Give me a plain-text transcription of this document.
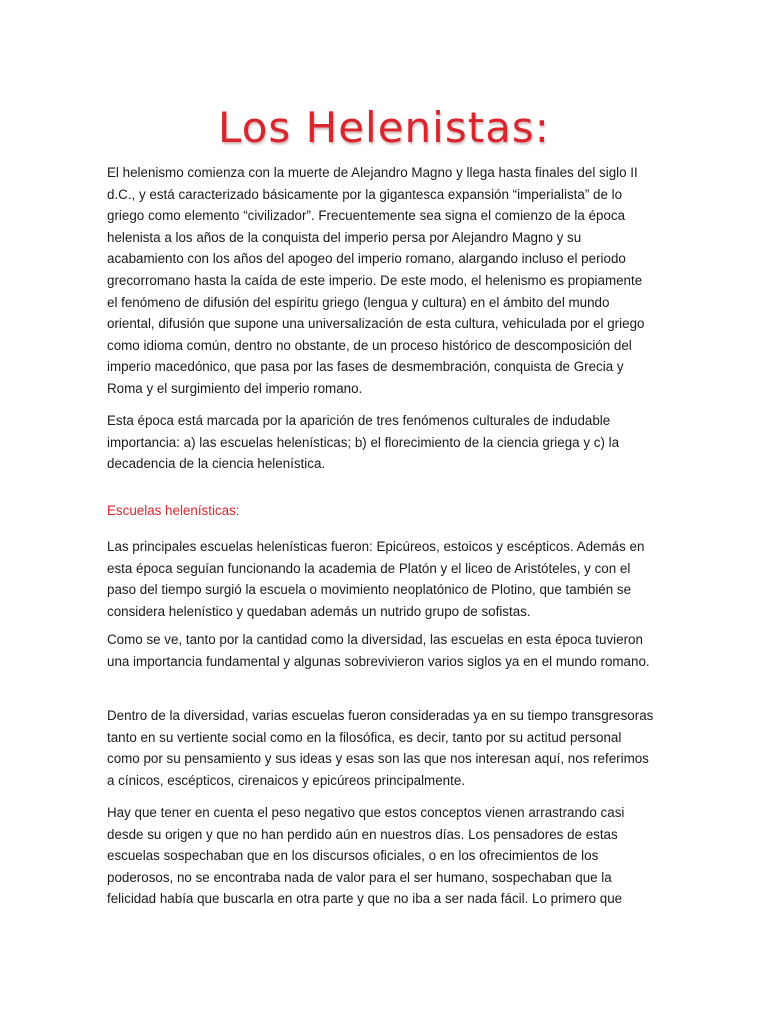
Los Helenistas:

El helenismo comienza con la muerte de Alejandro Magno y llega hasta finales del siglo II d.C., y está caracterizado básicamente por la gigantesca expansión “imperialista” de lo griego como elemento “civilizador”. Frecuentemente sea signa el comienzo de la época helenista a los años de la conquista del imperio persa por Alejandro Magno y su acabamiento con los años del apogeo del imperio romano, alargando incluso el periodo grecorromano hasta la caída de este imperio. De este modo, el helenismo es propiamente el fenómeno de difusión del espíritu griego (lengua y cultura) en el ámbito del mundo oriental, difusión que supone una universalización de esta cultura, vehiculada por el griego como idioma común, dentro no obstante, de un proceso histórico de descomposición del imperio macedónico, que pasa por las fases de desmembración, conquista de Grecia y Roma y el surgimiento del imperio romano.

Esta época está marcada por la aparición de tres fenómenos culturales de indudable importancia: a) las escuelas helenísticas; b) el florecimiento de la ciencia griega y c) la decadencia de la ciencia helenística.

Escuelas helenísticas:

Las principales escuelas helenísticas fueron: Epicúreos, estoicos y escépticos. Además en esta época seguían funcionando la academia de Platón y el liceo de Aristóteles, y con el paso del tiempo surgió la escuela o movimiento neoplatónico de Plotino, que también se considera helenístico y quedaban además un nutrido grupo de sofistas.

Como se ve, tanto por la cantidad como la diversidad, las escuelas en esta época tuvieron una importancia fundamental y algunas sobrevivieron varios siglos ya en el mundo romano.

Dentro de la diversidad, varias escuelas fueron consideradas ya en su tiempo transgresoras tanto en su vertiente social como en la filosófica, es decir, tanto por su actitud personal como por su pensamiento y sus ideas y esas son las que nos interesan aquí, nos referimos a cínicos, escépticos, cirenaicos y epicúreos principalmente.

Hay que tener en cuenta el peso negativo que estos conceptos vienen arrastrando casi desde su origen y que no han perdido aún en nuestros días. Los pensadores de estas escuelas sospechaban que en los discursos oficiales, o en los ofrecimientos de los poderosos, no se encontraba nada de valor para el ser humano, sospechaban que la felicidad había que buscarla en otra parte y que no iba a ser nada fácil. Lo primero que
